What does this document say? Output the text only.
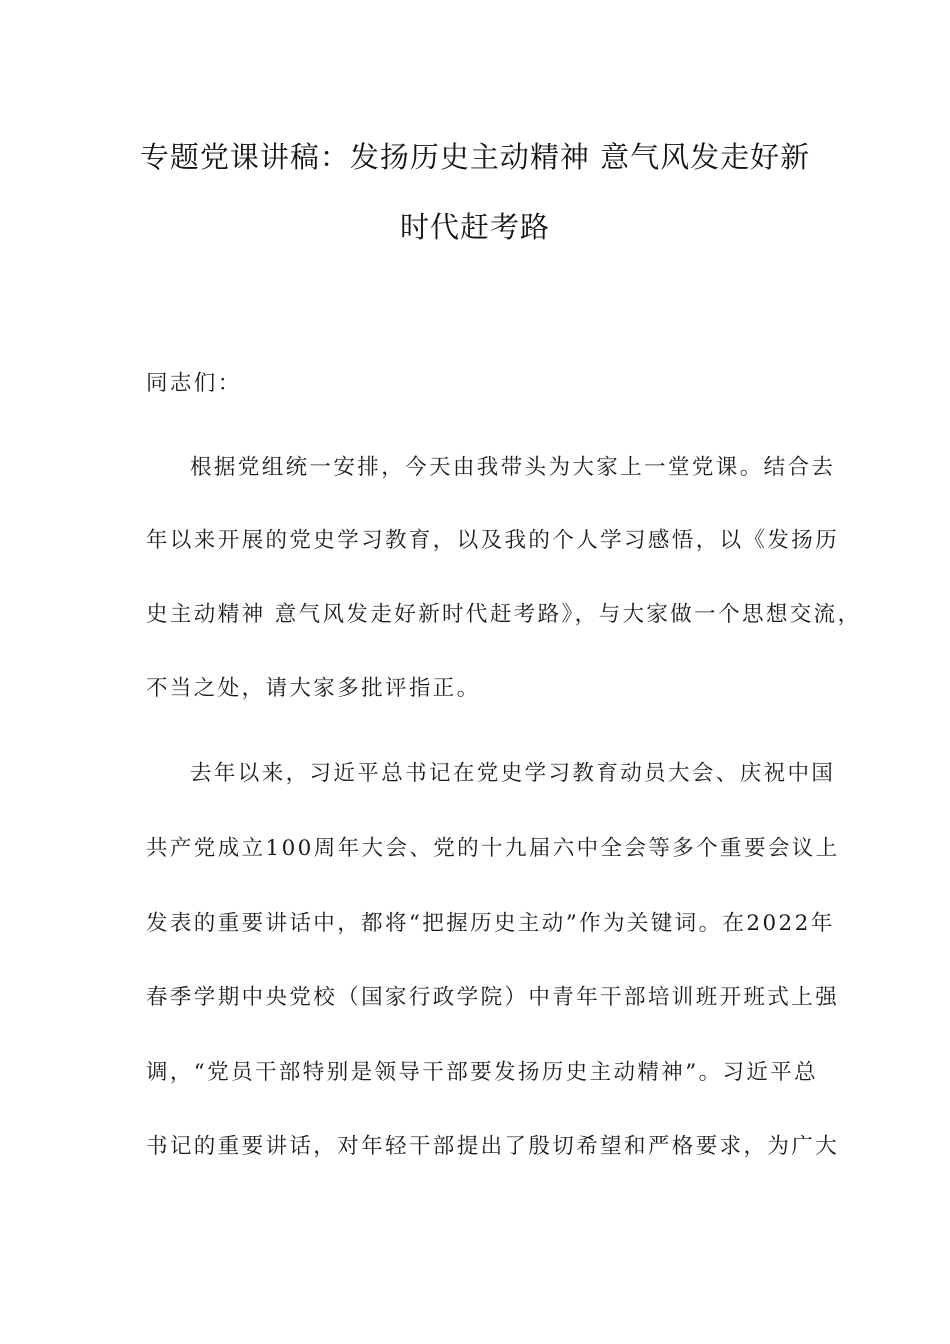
专题党课讲稿：发扬历史主动精神 意气风发走好新
时代赶考路
同志们：
根据党组统一安排，今天由我带头为大家上一堂党课。结合去
年以来开展的党史学习教育，以及我的个人学习感悟，以《发扬历
史主动精神 意气风发走好新时代赶考路》，与大家做一个思想交流，
不当之处，请大家多批评指正。
去年以来，习近平总书记在党史学习教育动员大会、庆祝中国
共产党成立100周年大会、党的十九届六中全会等多个重要会议上
发表的重要讲话中，都将“把握历史主动”作为关键词。在2022年
春季学期中央党校（国家行政学院）中青年干部培训班开班式上强
调，“党员干部特别是领导干部要发扬历史主动精神”。习近平总
书记的重要讲话，对年轻干部提出了殷切希望和严格要求，为广大
